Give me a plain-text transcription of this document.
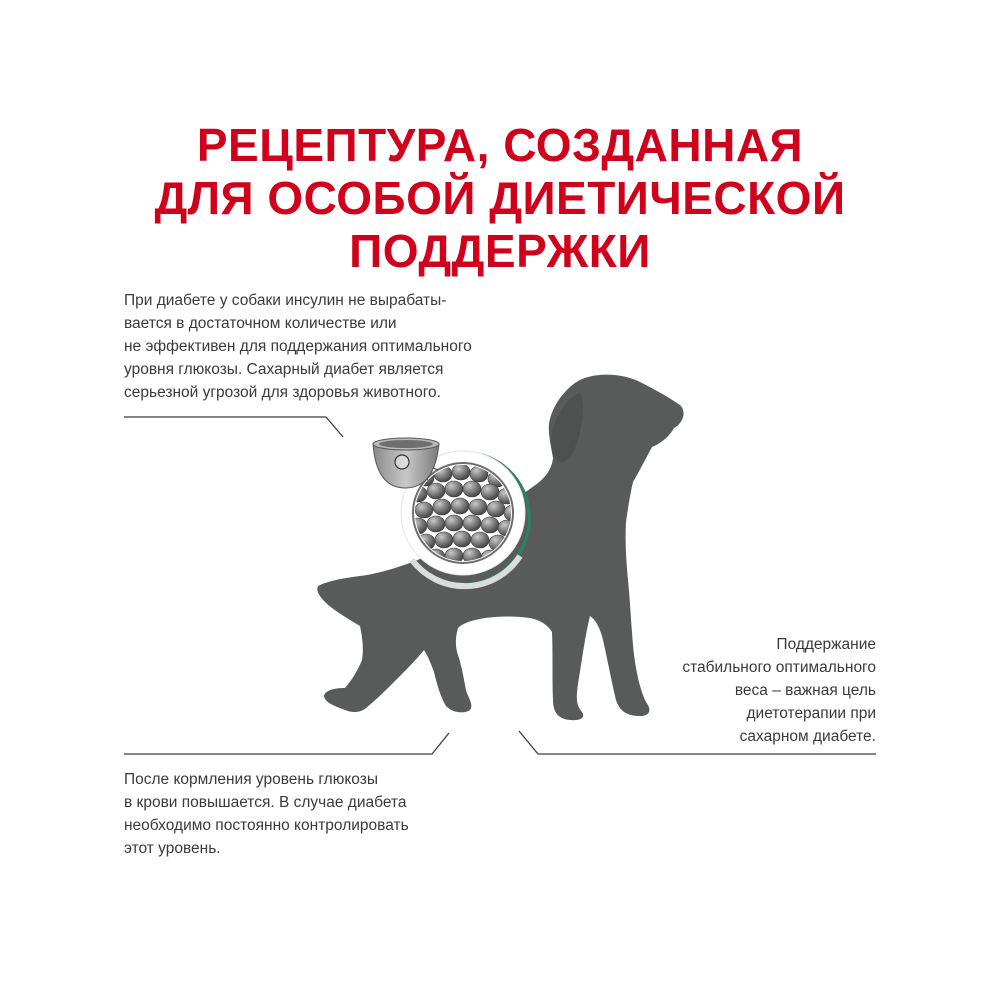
РЕЦЕПТУРА, СОЗДАННАЯ
ДЛЯ ОСОБОЙ ДИЕТИЧЕСКОЙ
ПОДДЕРЖКИ

При диабете у собаки инсулин не вырабаты-
вается в достаточном количестве или
не эффективен для поддержания оптимального
уровня глюкозы. Сахарный диабет является
серьезной угрозой для здоровья животного.

Поддержание
стабильного оптимального
веса – важная цель
диетотерапии при
сахарном диабете.

После кормления уровень глюкозы
в крови повышается. В случае диабета
необходимо постоянно контролировать
этот уровень.
